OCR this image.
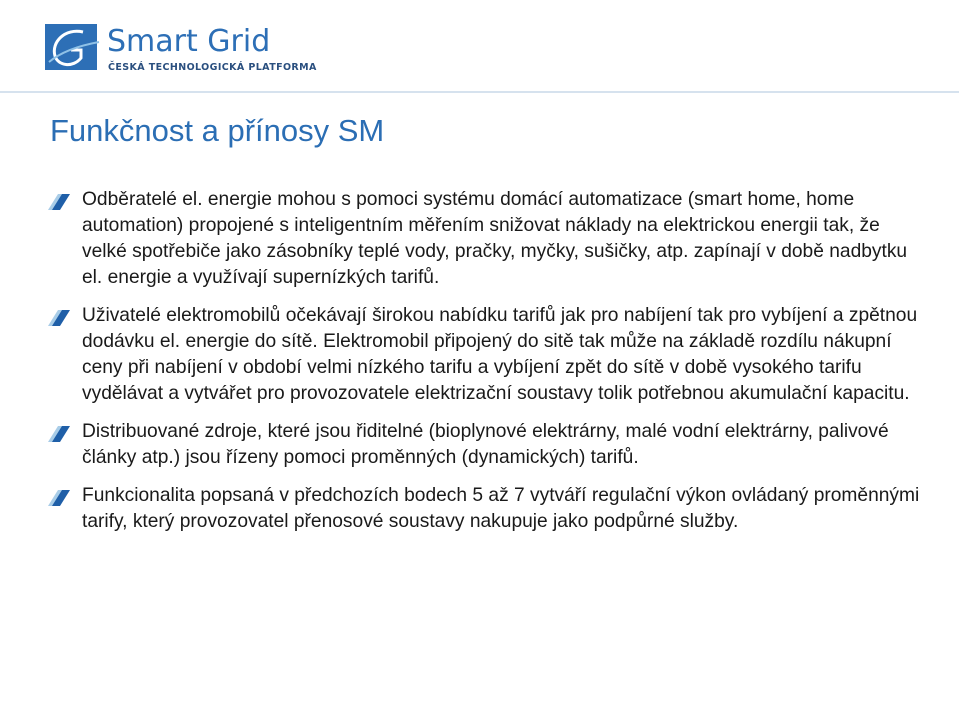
Smart Grid
ČESKÁ TECHNOLOGICKÁ PLATFORMA
Funkčnost a přínosy SM
Odběratelé el. energie mohou s pomoci systému domácí automatizace (smart home, home automation) propojené s inteligentním měřením snižovat náklady na elektrickou energii tak, že velké spotřebiče jako zásobníky teplé vody, pračky, myčky, sušičky, atp. zapínají v době nadbytku el. energie a využívají supernízkých tarifů.
Uživatelé elektromobilů očekávají širokou nabídku tarifů jak pro nabíjení tak pro vybíjení a zpětnou dodávku el. energie do sítě. Elektromobil připojený do sitě tak může na základě rozdílu nákupní ceny při nabíjení v období velmi nízkého tarifu a vybíjení zpět do sítě v době vysokého tarifu vydělávat a vytvářet pro provozovatele elektrizační soustavy tolik potřebnou akumulační kapacitu.
Distribuované zdroje, které jsou řiditelné (bioplynové elektrárny, malé vodní elektrárny, palivové články atp.) jsou řízeny pomoci proměnných (dynamických) tarifů.
Funkcionalita popsaná v předchozích bodech 5 až 7 vytváří regulační výkon ovládaný proměnnými tarify, který provozovatel přenosové soustavy nakupuje jako podpůrné služby.
